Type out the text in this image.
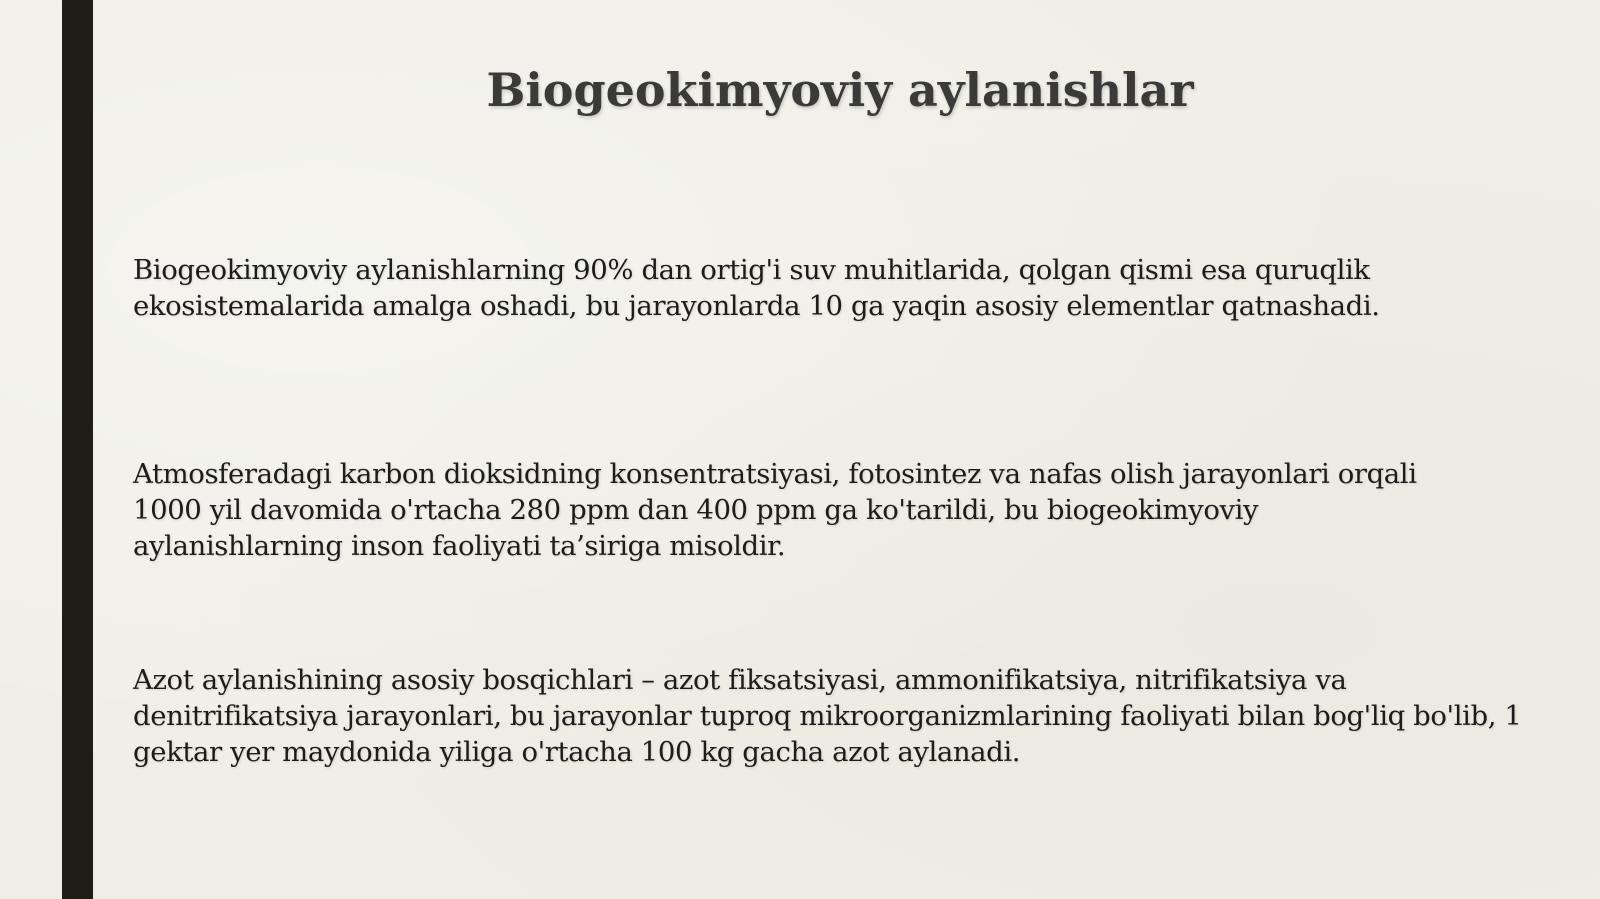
Biogeokimyoviy aylanishlar

Biogeokimyoviy aylanishlarning 90% dan ortig'i suv muhitlarida, qolgan qismi esa quruqlik ekosistemalarida amalga oshadi, bu jarayonlarda 10 ga yaqin asosiy elementlar qatnashadi.

Atmosferadagi karbon dioksidning konsentratsiyasi, fotosintez va nafas olish jarayonlari orqali 1000 yil davomida o'rtacha 280 ppm dan 400 ppm ga ko'tarildi, bu biogeokimyoviy aylanishlarning inson faoliyati ta’siriga misoldir.

Azot aylanishining asosiy bosqichlari – azot fiksatsiyasi, ammonifikatsiya, nitrifikatsiya va denitrifikatsiya jarayonlari, bu jarayonlar tuproq mikroorganizmlarining faoliyati bilan bog'liq bo'lib, 1 gektar yer maydonida yiliga o'rtacha 100 kg gacha azot aylanadi.
